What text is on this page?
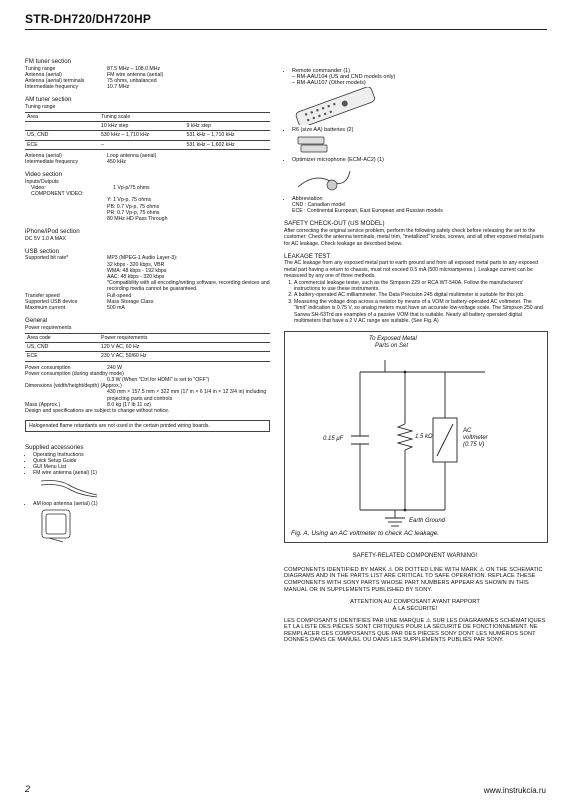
STR-DH720/DH720HP
FM tuner section
Tuning range	87.5 MHz – 108.0 MHz
Antenna (aerial)	FM wire antenna (aerial)
Antenna (aerial) terminals	75 ohms, unbalanced
Intermediate frequency	10.7 MHz
AM tuner section
Tuning range
Area	Tuning scale	
	10 kHz step	9 kHz step
US, CND	530 kHz – 1,710 kHz	531 kHz – 1,710 kHz
ECE	–	531 kHz – 1,602 kHz
Antenna (aerial)	Loop antenna (aerial)
Intermediate frequency	450 kHz
Video section
Inputs/Outputs
Video:	1 Vp-p/75 ohms
COMPONENT VIDEO:
Y: 1 Vp-p, 75 ohms
PB: 0.7 Vp-p, 75 ohms
PR: 0.7 Vp-p, 75 ohms
80 MHz HD Pass Through
iPhone/iPod section
DC 5V 1.0 A MAX
USB section
Supported bit rate*	MP3 (MPEG-1 Audio Layer-3):
32 kbps - 320 kbps, VBR
WMA: 48 kbps - 192 kbps
AAC: 48 kbps - 320 kbps
*Compatibility with all encoding/writing software, recording devices and recording media cannot be guaranteed.
Transfer speed	Full-speed
Supported USB device	Mass Storage Class
Maximum current	500 mA
General
Power requirements
Area code	Power requirements
US, CND	120 V AC, 60 Hz
ECE	230 V AC, 50/60 Hz
Power consumption	240 W
Power consumption (during standby mode)
0.3 W (When "Ctrl for HDMI" is set to "OFF")
Dimensions (width/height/depth) (Approx.)
430 mm × 157.5 mm × 322 mm (17 in × 6 1/4 in × 12 3/4 in) including projecting parts and controls
Mass (Approx.)	8.0 kg (17 lb 11 oz)
Design and specifications are subject to change without notice.
Halogenated flame retardants are not used in the certain printed wiring boards.
Supplied accessories
• Operating Instructions
• Quick Setup Guide
• GUI Menu List
• FM wire antenna (aerial) (1)
• AM loop antenna (aerial) (1)
• Remote commander (1)
– RM-AAU104 (US and CND models only)
– RM-AAU107 (Other models)
• R6 (size AA) batteries (2)
• Optimizer microphone (ECM-AC2) (1)
• Abbreviation
CND : Canadian model
ECE : Continental European, East European and Russian models
SAFETY CHECK-OUT (US MODEL)
After correcting the original service problem, perform the following safety check before releasing the set to the customer: Check the antenna terminals, metal trim, "metallized" knobs, screws, and all other exposed metal parts for AC leakage. Check leakage as described below.
LEAKAGE TEST
The AC leakage from any exposed metal part to earth ground and from all exposed metal parts to any exposed metal part having a return to chassis, must not exceed 0.5 mA (500 microamperes.). Leakage current can be measured by any one of three methods.
1. A commercial leakage tester, such as the Simpson 229 or RCA WT-540A. Follow the manufacturers' instructions to use these instruments.
2. A battery-operated AC milliammeter. The Data Precision 245 digital multimeter is suitable for this job.
3. Measuring the voltage drop across a resistor by means of a VOM or battery-operated AC voltmeter. The "limit" indication is 0.75 V, so analog meters must have an accurate low-voltage scale. The Simpson 250 and Sanwa SH-63Trd are examples of a passive VOM that is suitable. Nearly all battery operated digital multimeters that have a 2 V AC range are suitable. (See Fig. A)
To Exposed Metal
Parts on Set
0.15 μF	1.5 kΩ
AC
voltmeter
(0.75 V)
Earth Ground
Fig. A. Using an AC voltmeter to check AC leakage.
SAFETY-RELATED COMPONENT WARNING!
COMPONENTS IDENTIFIED BY MARK ⚠ OR DOTTED LINE WITH MARK ⚠ ON THE SCHEMATIC DIAGRAMS AND IN THE PARTS LIST ARE CRITICAL TO SAFE OPERATION. REPLACE THESE COMPONENTS WITH SONY PARTS WHOSE PART NUMBERS APPEAR AS SHOWN IN THIS MANUAL OR IN SUPPLEMENTS PUBLISHED BY SONY.
ATTENTION AU COMPOSANT AYANT RAPPORT
À LA SÉCURITÉ!
LES COMPOSANTS IDENTIFIÉS PAR UNE MARQUE ⚠ SUR LES DIAGRAMMES SCHÉMATIQUES ET LA LISTE DES PIÈCES SONT CRITIQUES POUR LA SÉCURITÉ DE FONCTIONNEMENT. NE REMPLACER CES COMPOSANTS QUE PAR DES PIÈCES SONY DONT LES NUMÉROS SONT DONNÉS DANS CE MANUEL OU DANS LES SUPPLÉMENTS PUBLIÉS PAR SONY.
2	www.instrukcia.ru
